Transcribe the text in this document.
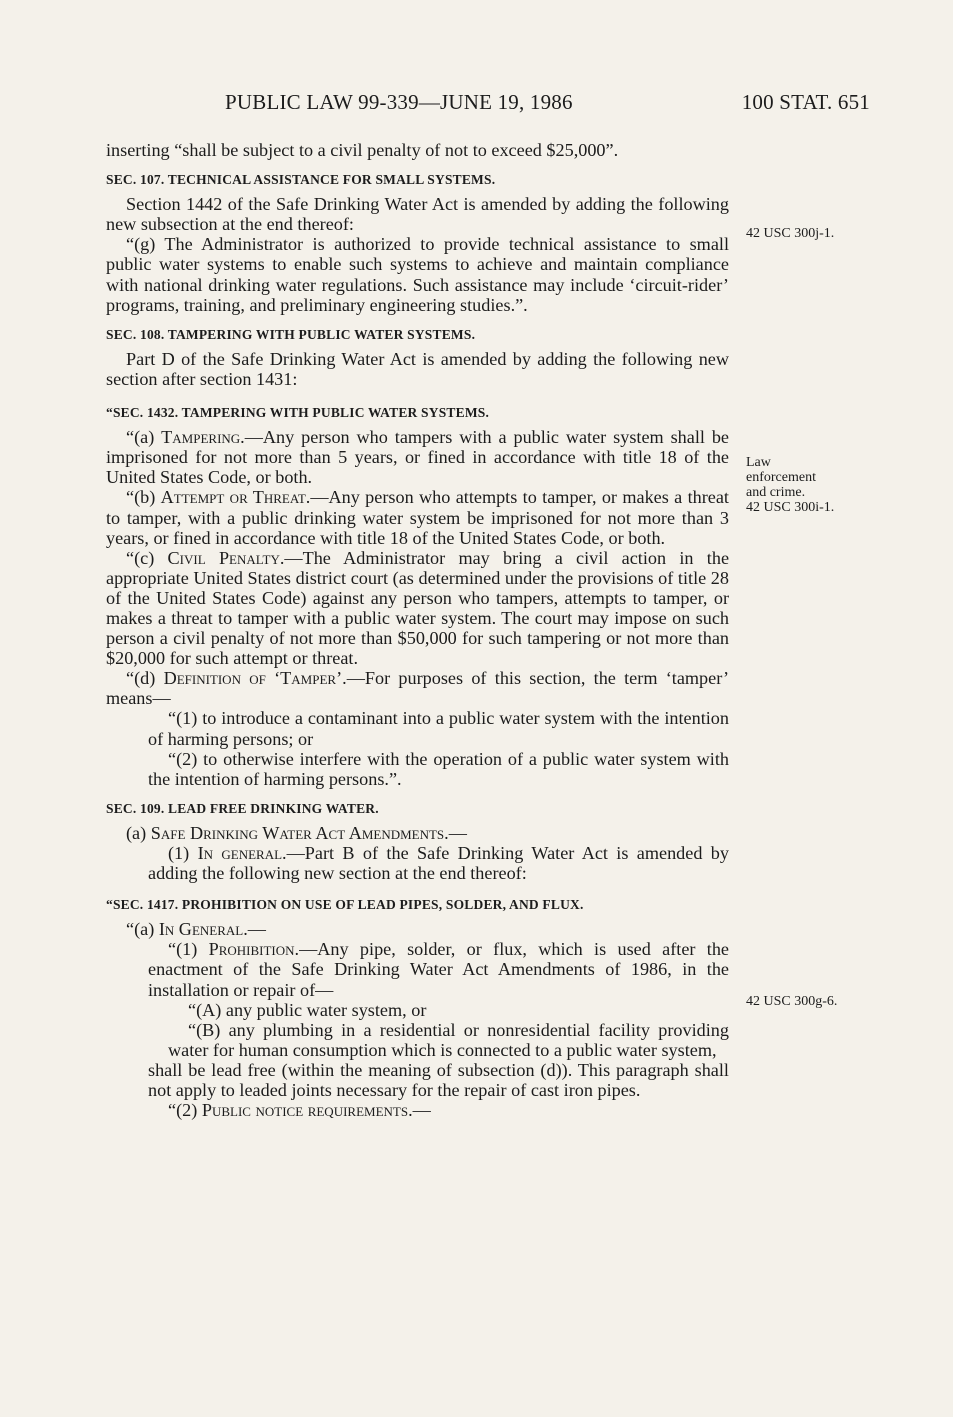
PUBLIC LAW 99-339—JUNE 19, 1986	100 STAT. 651

inserting “shall be subject to a civil penalty of not to exceed $25,000”.

SEC. 107. TECHNICAL ASSISTANCE FOR SMALL SYSTEMS.

Section 1442 of the Safe Drinking Water Act is amended by adding the following new subsection at the end thereof:

“(g) The Administrator is authorized to provide technical assistance to small public water systems to enable such systems to achieve and maintain compliance with national drinking water regulations. Such assistance may include ‘circuit-rider’ programs, training, and preliminary engineering studies.”.

SEC. 108. TAMPERING WITH PUBLIC WATER SYSTEMS.

Part D of the Safe Drinking Water Act is amended by adding the following new section after section 1431:

“SEC. 1432. TAMPERING WITH PUBLIC WATER SYSTEMS.

“(a) Tampering.—Any person who tampers with a public water system shall be imprisoned for not more than 5 years, or fined in accordance with title 18 of the United States Code, or both.

“(b) Attempt or Threat.—Any person who attempts to tamper, or makes a threat to tamper, with a public drinking water system be imprisoned for not more than 3 years, or fined in accordance with title 18 of the United States Code, or both.

“(c) Civil Penalty.—The Administrator may bring a civil action in the appropriate United States district court (as determined under the provisions of title 28 of the United States Code) against any person who tampers, attempts to tamper, or makes a threat to tamper with a public water system. The court may impose on such person a civil penalty of not more than $50,000 for such tampering or not more than $20,000 for such attempt or threat.

“(d) Definition of ‘Tamper’.—For purposes of this section, the term ‘tamper’ means—

“(1) to introduce a contaminant into a public water system with the intention of harming persons; or

“(2) to otherwise interfere with the operation of a public water system with the intention of harming persons.”.

SEC. 109. LEAD FREE DRINKING WATER.

(a) Safe Drinking Water Act Amendments.—

(1) In general.—Part B of the Safe Drinking Water Act is amended by adding the following new section at the end thereof:

“SEC. 1417. PROHIBITION ON USE OF LEAD PIPES, SOLDER, AND FLUX.

“(a) In General.—

“(1) Prohibition.—Any pipe, solder, or flux, which is used after the enactment of the Safe Drinking Water Act Amendments of 1986, in the installation or repair of—

“(A) any public water system, or

“(B) any plumbing in a residential or nonresidential facility providing water for human consumption which is connected to a public water system,

shall be lead free (within the meaning of subsection (d)). This paragraph shall not apply to leaded joints necessary for the repair of cast iron pipes.

“(2) Public notice requirements.—

42 USC 300j-1.
Law
enforcement
and crime.
42 USC 300i-1.
42 USC 300g-6.
